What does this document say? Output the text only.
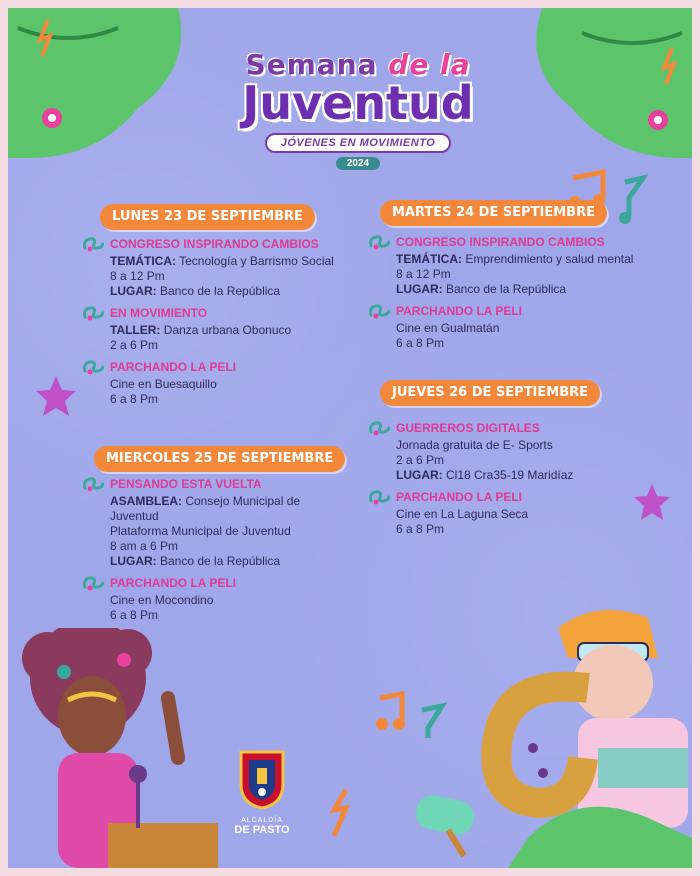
Semana de la
Juventud
JÓVENES EN MOVIMIENTO
2024
LUNES 23 DE SEPTIEMBRE
CONGRESO INSPIRANDO CAMBIOS
TEMÁTICA: Tecnología y Barrismo Social
8 a 12 Pm
LUGAR: Banco de la República
EN MOVIMIENTO
TALLER: Danza urbana Obonuco
2 a 6 Pm
PARCHANDO LA PELI
Cine en Buesaquillo
6 a 8 Pm
MIERCOLES 25 DE SEPTIEMBRE
PENSANDO ESTA VUELTA
ASAMBLEA: Consejo Municipal de
Juventud
Plataforma Municipal de Juventud
8 am a 6 Pm
LUGAR: Banco de la República
PARCHANDO LA PELI
Cine en Mocondino
6 a 8 Pm
MARTES 24 DE SEPTIEMBRE
CONGRESO INSPIRANDO CAMBIOS
TEMÁTICA: Emprendimiento y salud mental
8 a 12 Pm
LUGAR: Banco de la República
PARCHANDO LA PELI
Cine en Gualmatán
6 a 8 Pm
JUEVES 26 DE SEPTIEMBRE
GUERREROS DIGITALES
Jornada gratuita de E- Sports
2 a 6 Pm
LUGAR: Cl18 Cra35-19 Maridíaz
PARCHANDO LA PELI
Cine en La Laguna Seca
6 a 8 Pm
ALCALDÍA
DE PASTO
